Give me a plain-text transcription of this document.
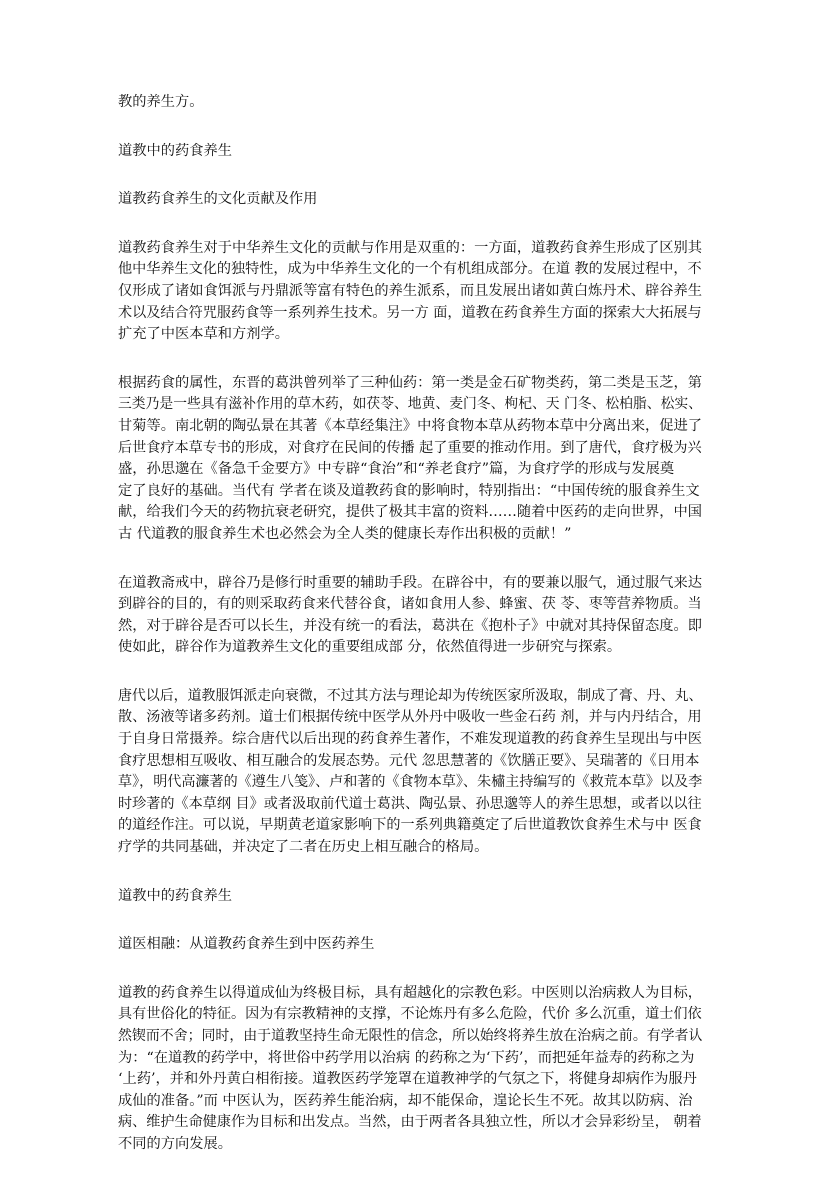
教的养生方。
道教中的药食养生
道教药食养生的文化贡献及作用
道教药食养生对于中华养生文化的贡献与作用是双重的：一方面，道教药食养生形成了区别其
他中华养生文化的独特性，成为中华养生文化的一个有机组成部分。在道 教的发展过程中，不
仅形成了诸如食饵派与丹鼎派等富有特色的养生派系，而且发展出诸如黄白炼丹术、辟谷养生
术以及结合符咒服药食等一系列养生技术。另一方 面，道教在药食养生方面的探索大大拓展与
扩充了中医本草和方剂学。
根据药食的属性，东晋的葛洪曾列举了三种仙药：第一类是金石矿物类药，第二类是玉芝，第
三类乃是一些具有滋补作用的草木药，如茯苓、地黄、麦门冬、枸杞、天 门冬、松柏脂、松实、
甘菊等。南北朝的陶弘景在其著《本草经集注》中将食物本草从药物本草中分离出来，促进了
后世食疗本草专书的形成，对食疗在民间的传播 起了重要的推动作用。到了唐代，食疗极为兴
盛，孙思邈在《备急千金要方》中专辟“食治”和“养老食疗”篇，为食疗学的形成与发展奠
定了良好的基础。当代有 学者在谈及道教药食的影响时，特别指出：“中国传统的服食养生文
献，给我们今天的药物抗衰老研究，提供了极其丰富的资料……随着中医药的走向世界，中国
古 代道教的服食养生术也必然会为全人类的健康长寿作出积极的贡献！”
在道教斋戒中，辟谷乃是修行时重要的辅助手段。在辟谷中，有的要兼以服气，通过服气来达
到辟谷的目的，有的则采取药食来代替谷食，诸如食用人参、蜂蜜、茯 苓、枣等营养物质。当
然，对于辟谷是否可以长生，并没有统一的看法，葛洪在《抱朴子》中就对其持保留态度。即
使如此，辟谷作为道教养生文化的重要组成部 分，依然值得进一步研究与探索。
唐代以后，道教服饵派走向衰微，不过其方法与理论却为传统医家所汲取，制成了膏、丹、丸、
散、汤液等诸多药剂。道士们根据传统中医学从外丹中吸收一些金石药 剂，并与内丹结合，用
于自身日常摄养。综合唐代以后出现的药食养生著作，不难发现道教的药食养生呈现出与中医
食疗思想相互吸收、相互融合的发展态势。元代 忽思慧著的《饮膳正要》、吴瑞著的《日用本
草》，明代高濂著的《遵生八笺》、卢和著的《食物本草》、朱橚主持编写的《救荒本草》以及李
时珍著的《本草纲 目》或者汲取前代道士葛洪、陶弘景、孙思邈等人的养生思想，或者以以往
的道经作注。可以说，早期黄老道家影响下的一系列典籍奠定了后世道教饮食养生术与中 医食
疗学的共同基础，并决定了二者在历史上相互融合的格局。
道教中的药食养生
道医相融：从道教药食养生到中医药养生
道教的药食养生以得道成仙为终极目标，具有超越化的宗教色彩。中医则以治病救人为目标，
具有世俗化的特征。因为有宗教精神的支撑，不论炼丹有多么危险，代价 多么沉重，道士们依
然锲而不舍；同时，由于道教坚持生命无限性的信念，所以始终将养生放在治病之前。有学者认
为：“在道教的药学中，将世俗中药学用以治病 的药称之为‘下药’，而把延年益寿的药称之为
‘上药’，并和外丹黄白相衔接。道教医药学笼罩在道教神学的气氛之下，将健身却病作为服丹
成仙的准备。”而 中医认为，医药养生能治病，却不能保命，遑论长生不死。故其以防病、治
病、维护生命健康作为目标和出发点。当然，由于两者各具独立性，所以才会异彩纷呈， 朝着
不同的方向发展。
